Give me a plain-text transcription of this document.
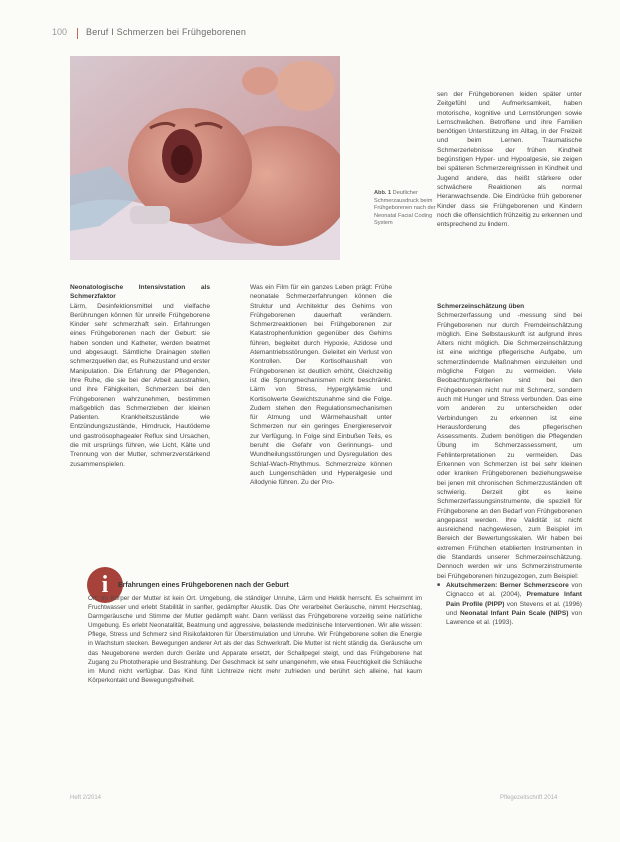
100 Beruf I Schmerzen bei Frühgeborenen
Abb. 1 Deutlicher Schmerzausdruck beim Frühgeborenen nach der Neonatal Facial Coding System

Neonatologische Intensivstation als Schmerzfaktor

Lärm, Desinfektionsmittel und vielfache Berührungen können für unreife Frühgeborene Kinder sehr schmerzhaft sein. Erfahrungen eines Frühgeborenen nach der Geburt: sie haben sonden und Katheter, werden beatmet und abgesaugt. Sämtliche Drainagen stellen schmerzquellen dar, es Ruhezustand und erster Manipulation. Die Erfahrung der Pflegenden, ihre Ruhe, die sie bei der Arbeit ausstrahlen, und ihre Fähigkeiten, Schmerzen bei den Frühgeborenen wahrzunehmen, bestimmen maßgeblich das Schmerzleben der kleinen Patienten. Krankheitszustände wie Entzündungszustände, Hirndruck, Hautödeme und gastroösophagealer Reflux sind Ursachen, die mit ursprüngs führen, wie Licht, Kälte und Trennung von der Mutter, schmerzverstärkend zusammenspielen.

Was ein Film für ein ganzes Leben prägt: Frühe neonatale Schmerzerfahrungen können die Struktur und Architektur des Gehirns von Frühgeborenen dauerhaft verändern. Schmerzreaktionen bei Frühgeborenen zur Katastrophenfunktion gegenüber des Gehirns führen, begleitet durch Hypoxie, Azidose und Atemantriebsstörungen. Geleitet ein Verlust von Kontrollen. Der Kortisolhaushalt von Frühgeborenen ist deutlich erhöht, Gleichzeitig ist die Sprungmechanismen nicht beschränkt. Lärm von Stress, Hyperglykämie und Kortisolwerte Gewichtszunahme sind die Folge. Zudem stehen den Regulationsmechanismen für Atmung und Wärmehaushalt unter Schmerzen nur ein geringes Energiereservoir zur Verfügung. In Folge sind Einbußen Teils, es beruht die Gefahr von Gerinnungs- und Wundheilungsstörungen und Dysregulation des Schlaf-Wach-Rhythmus. Schmerzreize können auch Lungenschäden und Hyperalgesie und Allodynie führen. Zu der Pro-

sen der Frühgeborenen leiden später unter Zeitgefühl und Aufmerksamkeit, haben motorische, kognitive und Lernstörungen sowie Lernschwächen. Betroffene und ihre Familien benötigen Unterstützung im Alltag, in der Freizeit und beim Lernen. Traumatische Schmerzerlebnisse der frühen Kindheit begünstigen Hyper- und Hypoalgesie, sie zeigen bei späteren Schmerzereignissen in Kindheit und Jugend andere, das heißt stärkere oder schwächere Reaktionen als normal Heranwachsende. Die Eindrücke früh geborener Kinder dass sie Frühgeborenen und Kindern noch die offensichtlich frühzeitig zu erkennen und entsprechend zu lindern.

Schmerzeinschätzung üben

Schmerzerfassung und -messung sind bei Frühgeborenen nur durch Fremdeinschätzung möglich. Eine Selbstauskunft ist aufgrund ihres Alters nicht möglich. Die Schmerzeinschätzung ist eine wichtige pflegerische Aufgabe, um schmerzlindernde Maßnahmen einzuleiten und mögliche Folgen zu vermeiden. Viele Beobachtungskriterien sind bei den Frühgeborenen nicht nur mit Schmerz, sondern auch mit Hunger und Stress verbunden. Das eine vom anderen zu unterscheiden oder Verbindungen zu erkennen ist eine Herausforderung des pflegerischen Assessments. Zudem benötigen die Pflegenden Übung im Schmerzassessment, um Fehlinterpretationen zu vermeiden. Das Erkennen von Schmerzen ist bei sehr kleinen oder kranken Frühgeborenen beziehungsweise bei jenen mit chronischen Schmerzzuständen oft schwierig. Derzeit gibt es keine Schmerzerfassungsinstrumente, die speziell für Frühgeborene an den Bedarf von Frühgeborenen angepasst werden. Ihre Validität ist nicht ausreichend nachgewiesen, zum Beispiel im Bereich der Bewertungsskalen. Wir haben bei extremen Frühchen etablierten Instrumenten in die Standards unserer Schmerzeinschätzung. Dennoch werden wir uns Schmerzinstrumente bei Frühgeborenen hinzugezogen, zum Beispiel:

■ Akutschmerzen: Berner Schmerzscore von Cignacco et al. (2004), Premature Infant Pain Profile (PIPP) von Stevens et al. (1996) und Neonatal Infant Pain Scale (NIPS) von Lawrence et al. (1993).

i	Erfahrungen eines Frühgeborenen nach der Geburt
Ort: Im Körper der Mutter ist kein Ort. Umgebung, die ständiger Unruhe, Lärm und Hektik herrscht. Es schwimmt im Fruchtwasser und erlebt Stabilität in sanfter, gedämpfter Akustik. Das Ohr verarbeitet Geräusche, nimmt Herzschlag, Darmgeräusche und Stimme der Mutter gedämpft wahr. Dann verlässt das Frühgeborene vorzeitig seine natürliche Umgebung. Es erlebt Neonatalität, Beatmung und aggressive, belastende medizinische Interventionen. Wir alle wissen: Pflege, Stress und Schmerz sind Risikofaktoren für Überstimulation und Unruhe. Wir Frühgeborene sollen die Energie in Wachstum stecken. Bewegungen anderer Art als der das Schwerkraft. Die Mutter ist nicht ständig da. Geräusche um das Neugeborene werden durch Geräte und Apparate ersetzt, der Schallpegel steigt, und das Frühgeborene hat Zugang zu Phototherapie und Bestrahlung. Der Geschmack ist sehr unangenehm, wie etwa Feuchtigkeit die Schläuche im Mund nicht verfügbar. Das Kind fühlt Lichtreize nicht mehr zufrieden und berührt sich alleine, hat kaum Körperkontakt und Bewegungsfreiheit.
Heft 2/2014	Pflegezeitschrift 2014
